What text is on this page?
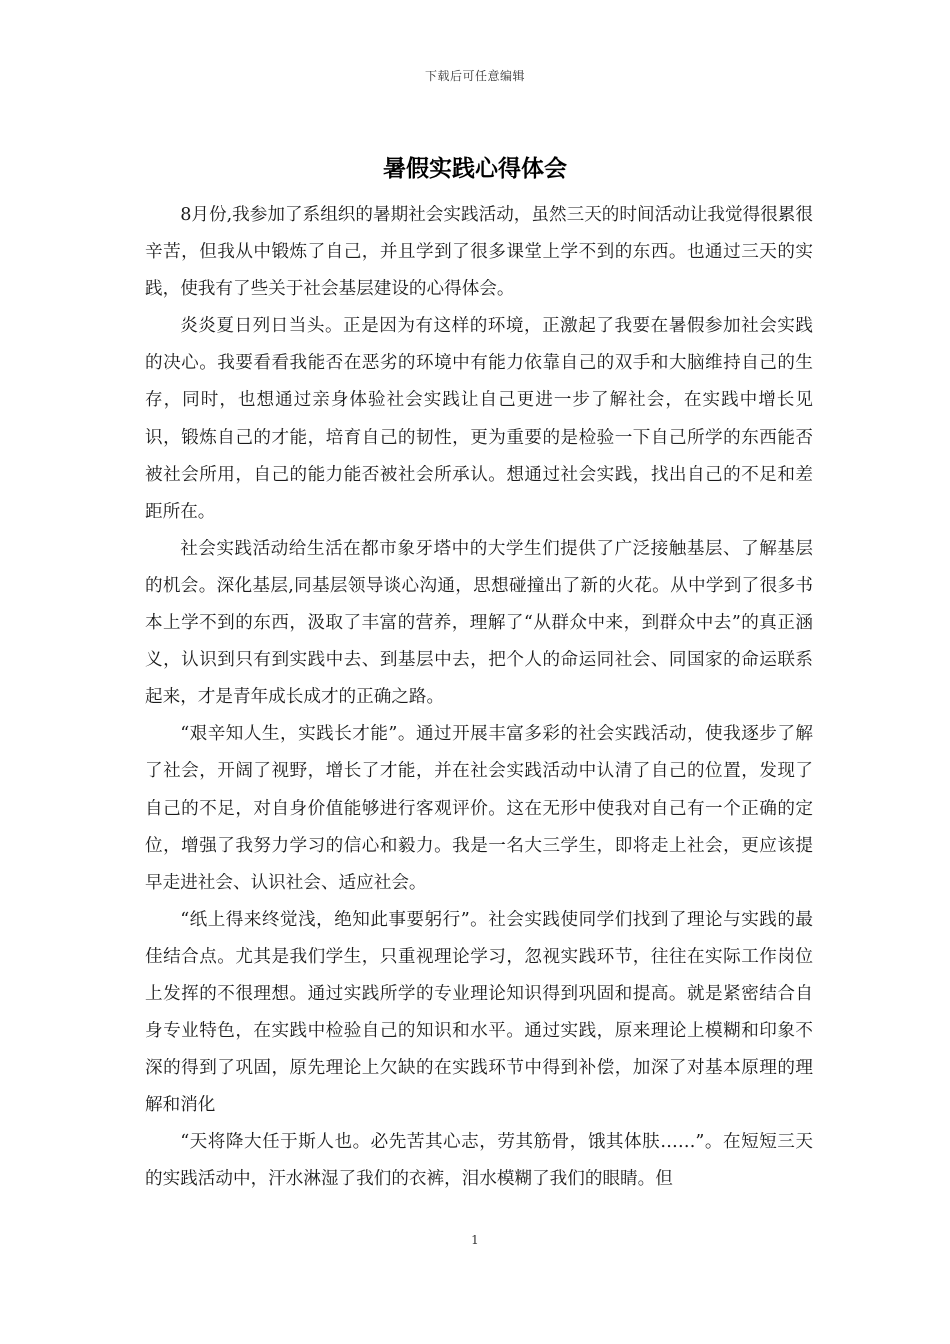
下载后可任意编辑
暑假实践心得体会

8月份,我参加了系组织的暑期社会实践活动，虽然三天的时间活动让我觉得很累很辛苦，但我从中锻炼了自己，并且学到了很多课堂上学不到的东西。也通过三天的实践，使我有了些关于社会基层建设的心得体会。

炎炎夏日列日当头。正是因为有这样的环境，正激起了我要在暑假参加社会实践的决心。我要看看我能否在恶劣的环境中有能力依靠自己的双手和大脑维持自己的生存，同时，也想通过亲身体验社会实践让自己更进一步了解社会，在实践中增长见识，锻炼自己的才能，培育自己的韧性，更为重要的是检验一下自己所学的东西能否被社会所用，自己的能力能否被社会所承认。想通过社会实践，找出自己的不足和差距所在。

社会实践活动给生活在都市象牙塔中的大学生们提供了广泛接触基层、了解基层的机会。深化基层,同基层领导谈心沟通，思想碰撞出了新的火花。从中学到了很多书本上学不到的东西，汲取了丰富的营养，理解了“从群众中来，到群众中去”的真正涵义，认识到只有到实践中去、到基层中去，把个人的命运同社会、同国家的命运联系起来，才是青年成长成才的正确之路。

“艰辛知人生，实践长才能”。通过开展丰富多彩的社会实践活动，使我逐步了解了社会，开阔了视野，增长了才能，并在社会实践活动中认清了自己的位置，发现了自己的不足，对自身价值能够进行客观评价。这在无形中使我对自己有一个正确的定位，增强了我努力学习的信心和毅力。我是一名大三学生，即将走上社会，更应该提早走进社会、认识社会、适应社会。

“纸上得来终觉浅，绝知此事要躬行”。社会实践使同学们找到了理论与实践的最佳结合点。尤其是我们学生，只重视理论学习，忽视实践环节，往往在实际工作岗位上发挥的不很理想。通过实践所学的专业理论知识得到巩固和提高。就是紧密结合自身专业特色，在实践中检验自己的知识和水平。通过实践，原来理论上模糊和印象不深的得到了巩固，原先理论上欠缺的在实践环节中得到补偿，加深了对基本原理的理解和消化

“天将降大任于斯人也。必先苦其心志，劳其筋骨，饿其体肤……”。在短短三天的实践活动中，汗水淋湿了我们的衣裤，泪水模糊了我们的眼睛。但

1
